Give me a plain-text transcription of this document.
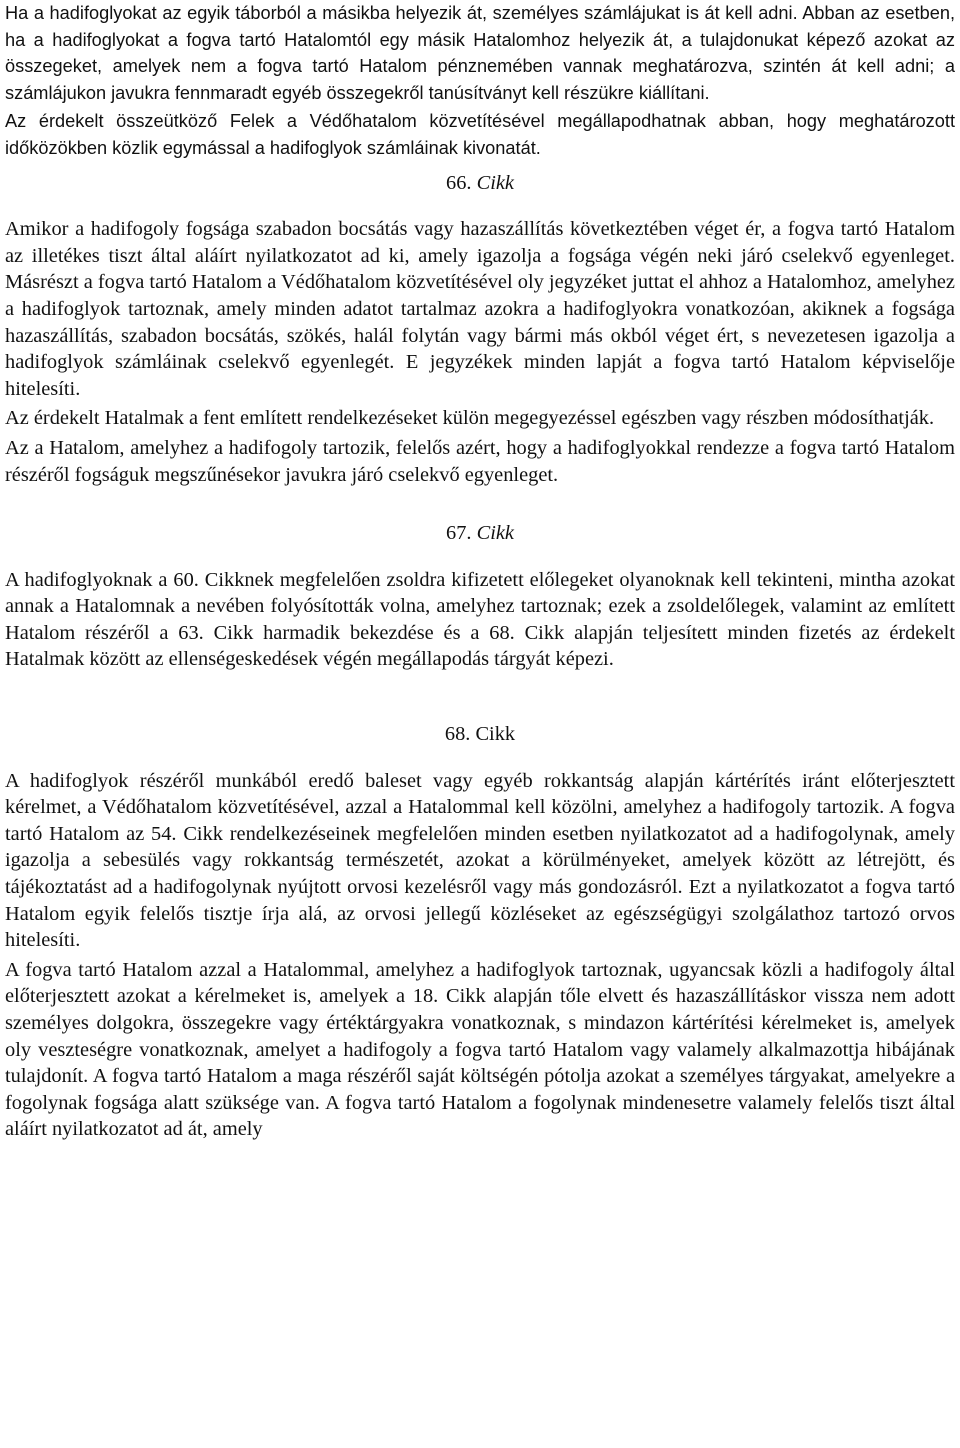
Ha a hadifoglyokat az egyik táborból a másikba helyezik át, személyes számlájukat is át kell adni. Abban az esetben, ha a hadifoglyokat a fogva tartó Hatalomtól egy másik Hatalomhoz helyezik át, a tulajdonukat képező azokat az összegeket, amelyek nem a fogva tartó Hatalom pénznemében vannak meghatározva, szintén át kell adni; a számlájukon javukra fennmaradt egyéb összegekről tanúsítványt kell részükre kiállítani.

Az érdekelt összeütköző Felek a Védőhatalom közvetítésével megállapodhatnak abban, hogy meghatározott időközökben közlik egymással a hadifoglyok számláinak kivonatát.

66. Cikk

Amikor a hadifogoly fogsága szabadon bocsátás vagy hazaszállítás következtében véget ér, a fogva tartó Hatalom az illetékes tiszt által aláírt nyilatkozatot ad ki, amely igazolja a fogsága végén neki járó cselekvő egyenleget. Másrészt a fogva tartó Hatalom a Védőhatalom közvetítésével oly jegyzéket juttat el ahhoz a Hatalomhoz, amelyhez a hadifoglyok tartoznak, amely minden adatot tartalmaz azokra a hadifoglyokra vonatkozóan, akiknek a fogsága hazaszállítás, szabadon bocsátás, szökés, halál folytán vagy bármi más okból véget ért, s nevezetesen igazolja a hadifoglyok számláinak cselekvő egyenlegét. E jegyzékek minden lapját a fogva tartó Hatalom képviselője hitelesíti.

Az érdekelt Hatalmak a fent említett rendelkezéseket külön megegyezéssel egészben vagy részben módosíthatják.

Az a Hatalom, amelyhez a hadifogoly tartozik, felelős azért, hogy a hadifoglyokkal rendezze a fogva tartó Hatalom részéről fogságuk megszűnésekor javukra járó cselekvő egyenleget.

67. Cikk

A hadifoglyoknak a 60. Cikknek megfelelően zsoldra kifizetett előlegeket olyanoknak kell tekinteni, mintha azokat annak a Hatalomnak a nevében folyósították volna, amelyhez tartoznak; ezek a zsoldelőlegek, valamint az említett Hatalom részéről a 63. Cikk harmadik bekezdése és a 68. Cikk alapján teljesített minden fizetés az érdekelt Hatalmak között az ellenségeskedések végén megállapodás tárgyát képezi.

68. Cikk

A hadifoglyok részéről munkából eredő baleset vagy egyéb rokkantság alapján kártérítés iránt előterjesztett kérelmet, a Védőhatalom közvetítésével, azzal a Hatalommal kell közölni, amelyhez a hadifogoly tartozik. A fogva tartó Hatalom az 54. Cikk rendelkezéseinek megfelelően minden esetben nyilatkozatot ad a hadifogolynak, amely igazolja a sebesülés vagy rokkantság természetét, azokat a körülményeket, amelyek között az létrejött, és tájékoztatást ad a hadifogolynak nyújtott orvosi kezelésről vagy más gondozásról. Ezt a nyilatkozatot a fogva tartó Hatalom egyik felelős tisztje írja alá, az orvosi jellegű közléseket az egészségügyi szolgálathoz tartozó orvos hitelesíti.

A fogva tartó Hatalom azzal a Hatalommal, amelyhez a hadifoglyok tartoznak, ugyancsak közli a hadifogoly által előterjesztett azokat a kérelmeket is, amelyek a 18. Cikk alapján tőle elvett és hazaszállításkor vissza nem adott személyes dolgokra, összegekre vagy értéktárgyakra vonatkoznak, s mindazon kártérítési kérelmeket is, amelyek oly veszteségre vonatkoznak, amelyet a hadifogoly a fogva tartó Hatalom vagy valamely alkalmazottja hibájának tulajdonít. A fogva tartó Hatalom a maga részéről saját költségén pótolja azokat a személyes tárgyakat, amelyekre a fogolynak fogsága alatt szüksége van. A fogva tartó Hatalom a fogolynak mindenesetre valamely felelős tiszt által aláírt nyilatkozatot ad át, amely
